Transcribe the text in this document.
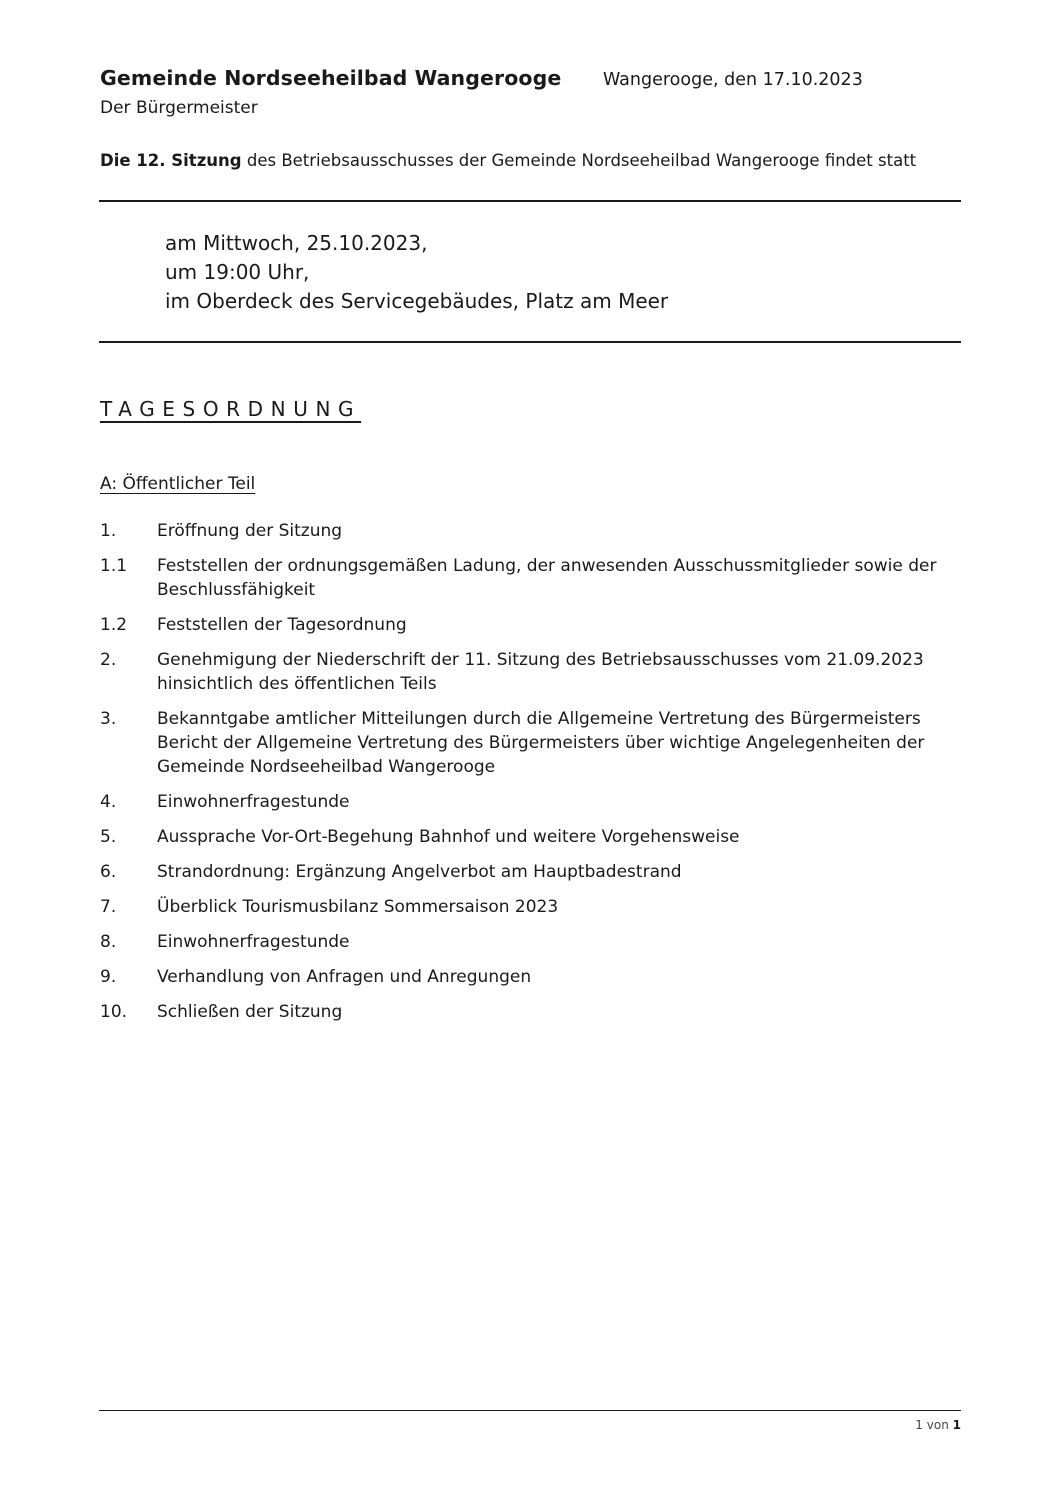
Gemeinde Nordseeheilbad Wangerooge
Der Bürgermeister
Wangerooge, den 17.10.2023
Die 12. Sitzung des Betriebsausschusses der Gemeinde Nordseeheilbad Wangerooge findet statt
am Mittwoch, 25.10.2023,
um 19:00 Uhr,
im Oberdeck des Servicegebäudes, Platz am Meer
TAGESORDNUNG
A: Öffentlicher Teil
1.	Eröffnung der Sitzung
1.1	Feststellen der ordnungsgemäßen Ladung, der anwesenden Ausschussmitglieder sowie der
Beschlussfähigkeit
1.2	Feststellen der Tagesordnung
2.	Genehmigung der Niederschrift der 11. Sitzung des Betriebsausschusses vom 21.09.2023
hinsichtlich des öffentlichen Teils
3.	Bekanntgabe amtlicher Mitteilungen durch die Allgemeine Vertretung des Bürgermeisters
Bericht der Allgemeine Vertretung des Bürgermeisters über wichtige Angelegenheiten der
Gemeinde Nordseeheilbad Wangerooge
4.	Einwohnerfragestunde
5.	Aussprache Vor-Ort-Begehung Bahnhof und weitere Vorgehensweise
6.	Strandordnung: Ergänzung Angelverbot am Hauptbadestrand
7.	Überblick Tourismusbilanz Sommersaison 2023
8.	Einwohnerfragestunde
9.	Verhandlung von Anfragen und Anregungen
10.	Schließen der Sitzung
1 von 1
